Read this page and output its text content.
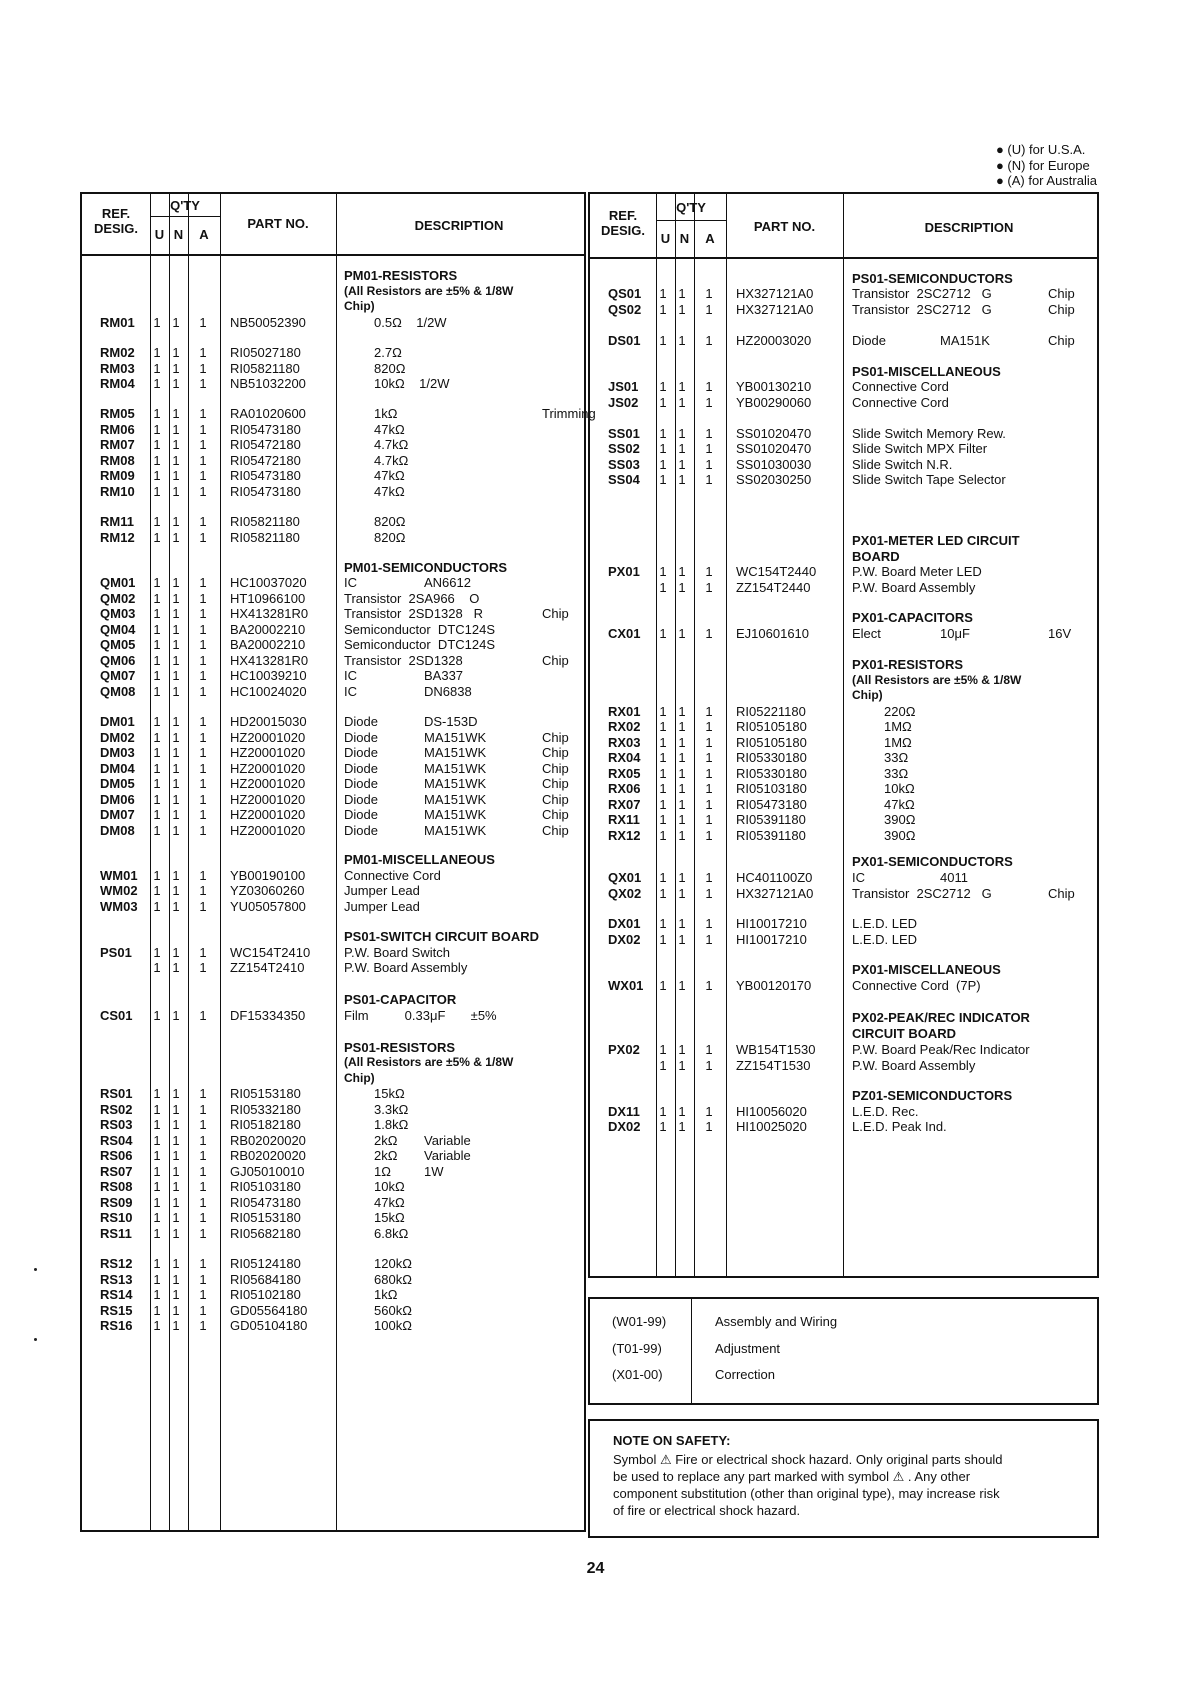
● (U) for U.S.A.
● (N) for Europe
● (A) for Australia
REF.
DESIG.
Q'TY
U N	A
PART NO.	DESCRIPTION
PM01-RESISTORS
(All Resistors are ±5% & 1/8W
Chip)
PM01-SEMICONDUCTORS
PM01-MISCELLANEOUS
PS01-SWITCH CIRCUIT BOARD
PS01-CAPACITOR
PS01-RESISTORS
(All Resistors are ±5% & 1/8W
Chip)
RM01	1 1	1	NB50052390	0.5Ω    1/2W
RM02	1 1	1	RI05027180	2.7Ω
RM03	1 1	1	RI05821180	820Ω
RM04	1 1	1	NB51032200	10kΩ    1/2W
RM05	1 1	1	RA01020600	1kΩ	Trimming
RM06	1 1	1	RI05473180	47kΩ
RM07	1 1	1	RI05472180	4.7kΩ
RM08	1 1	1	RI05472180	4.7kΩ
RM09	1 1	1	RI05473180	47kΩ
RM10	1 1	1	RI05473180	47kΩ
RM11	1 1	1	RI05821180	820Ω
RM12	1 1	1	RI05821180	820Ω
QM01	1 1	1	HC10037020	IC	AN6612
QM02	1 1	1	HT10966100	Transistor  2SA966    O
QM03	1 1	1	HX413281R0	Transistor  2SD1328   R	Chip
QM04	1 1	1	BA20002210	Semiconductor  DTC124S
QM05	1 1	1	BA20002210	Semiconductor  DTC124S
QM06	1 1	1	HX413281R0	Transistor  2SD1328	Chip
QM07	1 1	1	HC10039210	IC	BA337
QM08	1 1	1	HC10024020	IC	DN6838
DM01	1 1	1	HD20015030	Diode	DS-153D
DM02	1 1	1	HZ20001020	Diode	MA151WK	Chip
DM03	1 1	1	HZ20001020	Diode	MA151WK	Chip
DM04	1 1	1	HZ20001020	Diode	MA151WK	Chip
DM05	1 1	1	HZ20001020	Diode	MA151WK	Chip
DM06	1 1	1	HZ20001020	Diode	MA151WK	Chip
DM07	1 1	1	HZ20001020	Diode	MA151WK	Chip
DM08	1 1	1	HZ20001020	Diode	MA151WK	Chip
WM01	1 1	1	YB00190100	Connective Cord
WM02	1 1	1	YZ03060260	Jumper Lead
WM03	1 1	1	YU05057800	Jumper Lead
PS01	1 1	1	WC154T2410	P.W. Board Switch
1 1	1	ZZ154T2410	P.W. Board Assembly
CS01	1 1	1	DF15334350	Film          0.33μF       ±5%
RS01	1 1	1	RI05153180	15kΩ
RS02	1 1	1	RI05332180	3.3kΩ
RS03	1 1	1	RI05182180	1.8kΩ
RS04	1 1	1	RB02020020	2kΩ Variable
RS06	1 1	1	RB02020020	2kΩ Variable
RS07	1 1	1	GJ05010010	1Ω	1W
RS08	1 1	1	RI05103180	10kΩ
RS09	1 1	1	RI05473180	47kΩ
RS10	1 1	1	RI05153180	15kΩ
RS11	1 1	1	RI05682180	6.8kΩ
RS12	1 1	1	RI05124180	120kΩ
RS13	1 1	1	RI05684180	680kΩ
RS14	1 1	1	RI05102180	1kΩ
RS15	1 1	1	GD05564180	560kΩ
RS16	1 1	1	GD05104180	100kΩ
REF.
DESIG.
Q'TY
U N	A
PART NO.	DESCRIPTION
PS01-SEMICONDUCTORS
PS01-MISCELLANEOUS
PX01-METER LED CIRCUIT
BOARD
PX01-CAPACITORS
PX01-RESISTORS
(All Resistors are ±5% & 1/8W
Chip)
PX01-SEMICONDUCTORS
PX01-MISCELLANEOUS
PX02-PEAK/REC INDICATOR
CIRCUIT BOARD
PZ01-SEMICONDUCTORS
QS01	1 1	1	HX327121A0	Transistor  2SC2712   G	Chip
QS02	1 1	1	HX327121A0	Transistor  2SC2712   G	Chip
DS01	1 1	1	HZ20003020	Diode	MA151K	Chip
JS01	1 1	1	YB00130210	Connective Cord
JS02	1 1	1	YB00290060	Connective Cord
SS01	1 1	1	SS01020470	Slide Switch Memory Rew.
SS02	1 1	1	SS01020470	Slide Switch MPX Filter
SS03	1 1	1	SS01030030	Slide Switch N.R.
SS04	1 1	1	SS02030250	Slide Switch Tape Selector
PX01	1 1	1	WC154T2440	P.W. Board Meter LED
1 1	1	ZZ154T2440	P.W. Board Assembly
CX01	1 1	1	EJ10601610	Elect	10μF	16V
RX01	1 1	1	RI05221180	220Ω
RX02	1 1	1	RI05105180	1MΩ
RX03	1 1	1	RI05105180	1MΩ
RX04	1 1	1	RI05330180	33Ω
RX05	1 1	1	RI05330180	33Ω
RX06	1 1	1	RI05103180	10kΩ
RX07	1 1	1	RI05473180	47kΩ
RX11	1 1	1	RI05391180	390Ω
RX12	1 1	1	RI05391180	390Ω
QX01	1 1	1	HC401100Z0	IC	4011
QX02	1 1	1	HX327121A0	Transistor  2SC2712   G	Chip
DX01	1 1	1	HI10017210	L.E.D. LED
DX02	1 1	1	HI10017210	L.E.D. LED
WX01	1 1	1	YB00120170	Connective Cord  (7P)
PX02	1 1	1	WB154T1530	P.W. Board Peak/Rec Indicator
1 1	1	ZZ154T1530	P.W. Board Assembly
DX11	1 1	1	HI10056020	L.E.D. Rec.
DX02	1 1	1	HI10025020	L.E.D. Peak Ind.
(W01-99)	Assembly and Wiring
(T01-99)	Adjustment
(X01-00)	Correction
NOTE ON SAFETY:
Symbol ⚠ Fire or electrical shock hazard. Only original parts should
be used to replace any part marked with symbol ⚠ . Any other
component substitution (other than original type), may increase risk
of fire or electrical shock hazard.
24
